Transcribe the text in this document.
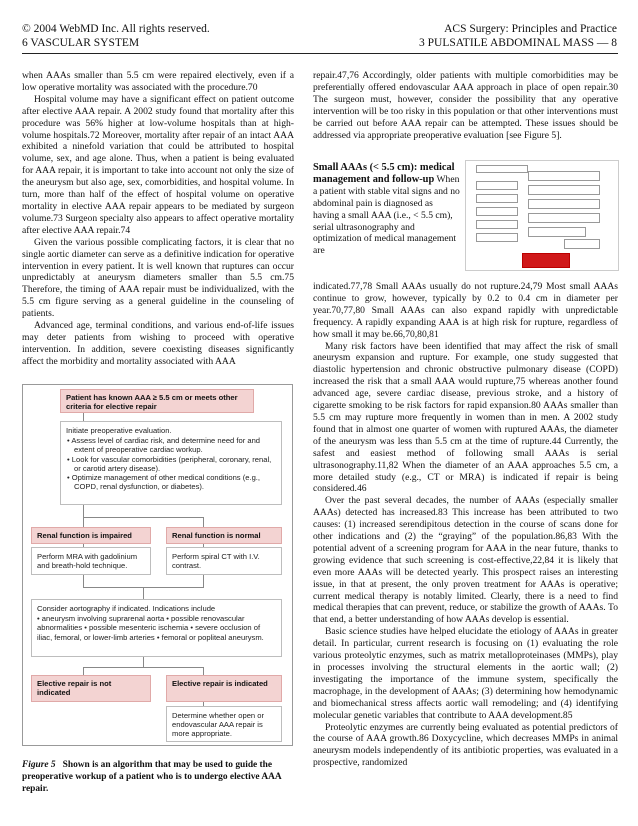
© 2004 WebMD Inc. All rights reserved.
6 VASCULAR SYSTEM
ACS Surgery: Principles and Practice
3 PULSATILE ABDOMINAL MASS — 8

when AAAs smaller than 5.5 cm were repaired electively, even if a low operative mortality was associated with the procedure.70

Hospital volume may have a significant effect on patient outcome after elective AAA repair. A 2002 study found that mortality after this procedure was 56% higher at low-volume hospitals than at high-volume hospitals.72 Moreover, mortality after repair of an intact AAA exhibited a ninefold variation that could be attributed to hospital volume, sex, and age alone. Thus, when a patient is being evaluated for AAA repair, it is important to take into account not only the size of the aneurysm but also age, sex, comorbidities, and hospital volume. In turn, more than half of the effect of hospital volume on operative mortality in elective AAA repair appears to be mediated by surgeon volume.73 Surgeon specialty also appears to affect operative mortality after elective AAA repair.74

Given the various possible complicating factors, it is clear that no single aortic diameter can serve as a definitive indication for operative intervention in every patient. It is well known that ruptures can occur unpredictably at aneurysm diameters smaller than 5.5 cm.75 Therefore, the timing of AAA repair must be individualized, with the 5.5 cm figure serving as a general guideline in the counseling of patients.

Advanced age, terminal conditions, and various end-of-life issues may deter patients from wishing to proceed with operative intervention. In addition, severe coexisting diseases significantly affect the morbidity and mortality associated with AAA

Patient has known AAA ≥ 5.5 cm or meets other criteria for elective repair
Initiate preoperative evaluation.
• Assess level of cardiac risk, and determine need for and extent of preoperative cardiac workup.
• Look for vascular comorbidities (peripheral, coronary, renal, or carotid artery disease).
• Optimize management of other medical conditions (e.g., COPD, renal dysfunction, or diabetes).
Renal function is impaired	Renal function is normal
Perform MRA with gadolinium and breath-hold technique.
Perform spiral CT with I.V. contrast.
Consider aortography if indicated. Indications include
• aneurysm involving suprarenal aorta • possible renovascular abnormalities • possible mesenteric ischemia • severe occlusion of iliac, femoral, or lower-limb arteries • femoral or popliteal aneurysm.
Elective repair is not indicated
Elective repair is indicated
Determine whether open or endovascular AAA repair is more appropriate.
Figure 5 Shown is an algorithm that may be used to guide the preoperative workup of a patient who is to undergo elective AAA repair.

repair.47,76 Accordingly, older patients with multiple comorbidities may be preferentially offered endovascular AAA approach in place of open repair.30 The surgeon must, however, consider the possibility that any operative intervention will be too risky in this population or that other interventions must be carried out before AAA repair can be attempted. These issues should be addressed via appropriate preoperative evaluation [see Figure 5].

Small AAAs (< 5.5 cm): medical management and follow-up When a patient with stable vital signs and no abdominal pain is diagnosed as having a small AAA (i.e., < 5.5 cm), serial ultrasonography and optimization of medical management are

indicated.77,78 Small AAAs usually do not rupture.24,79 Most small AAAs continue to grow, however, typically by 0.2 to 0.4 cm in diameter per year.70,77,80 Small AAAs can also expand rapidly with unpredictable frequency. A rapidly expanding AAA is at high risk for rupture, regardless of how small it may be.66,70,80,81

Many risk factors have been identified that may affect the risk of small aneurysm expansion and rupture. For example, one study suggested that diastolic hypertension and chronic obstructive pulmonary disease (COPD) increased the risk that a small AAA would rupture,75 whereas another found advanced age, severe cardiac disease, previous stroke, and a history of cigarette smoking to be risk factors for rapid expansion.80 AAAs smaller than 5.5 cm may rupture more frequently in women than in men. A 2002 study found that in almost one quarter of women with ruptured AAAs, the diameter of the aneurysm was less than 5.5 cm at the time of rupture.44 Currently, the safest and easiest method of following small AAAs is serial ultrasonography.11,82 When the diameter of an AAA approaches 5.5 cm, a more detailed study (e.g., CT or MRA) is indicated if repair is being considered.46

Over the past several decades, the number of AAAs (especially smaller AAAs) detected has increased.83 This increase has been attributed to two causes: (1) increased serendipitous detection in the course of scans done for other indications and (2) the “graying” of the population.86,83 With the potential advent of a screening program for AAA in the near future, thanks to growing evidence that such screening is cost-effective,22,84 it is likely that even more AAAs will be detected yearly. This prospect raises an interesting issue, in that at present, the only proven treatment for AAAs is operative; current medical therapy is notably limited. Clearly, there is a need to find medical therapies that can prevent, reduce, or stabilize the growth of AAAs. To that end, a better understanding of how AAAs develop is essential.

Basic science studies have helped elucidate the etiology of AAAs in greater detail. In particular, current research is focusing on (1) evaluating the role various proteolytic enzymes, such as matrix metalloproteinases (MMPs), play in processes involving the structural elements in the aortic wall; (2) investigating the importance of the immune system, specifically the macrophage, in the development of AAAs; (3) determining how hemodynamic and biomechanical stress affects aortic wall remodeling; and (4) identifying molecular genetic variables that contribute to AAA development.85

Proteolytic enzymes are currently being evaluated as potential predictors of the course of AAA growth.86 Doxycycline, which decreases MMPs in animal aneurysm models independently of its antibiotic properties, was evaluated in a prospective, randomized
